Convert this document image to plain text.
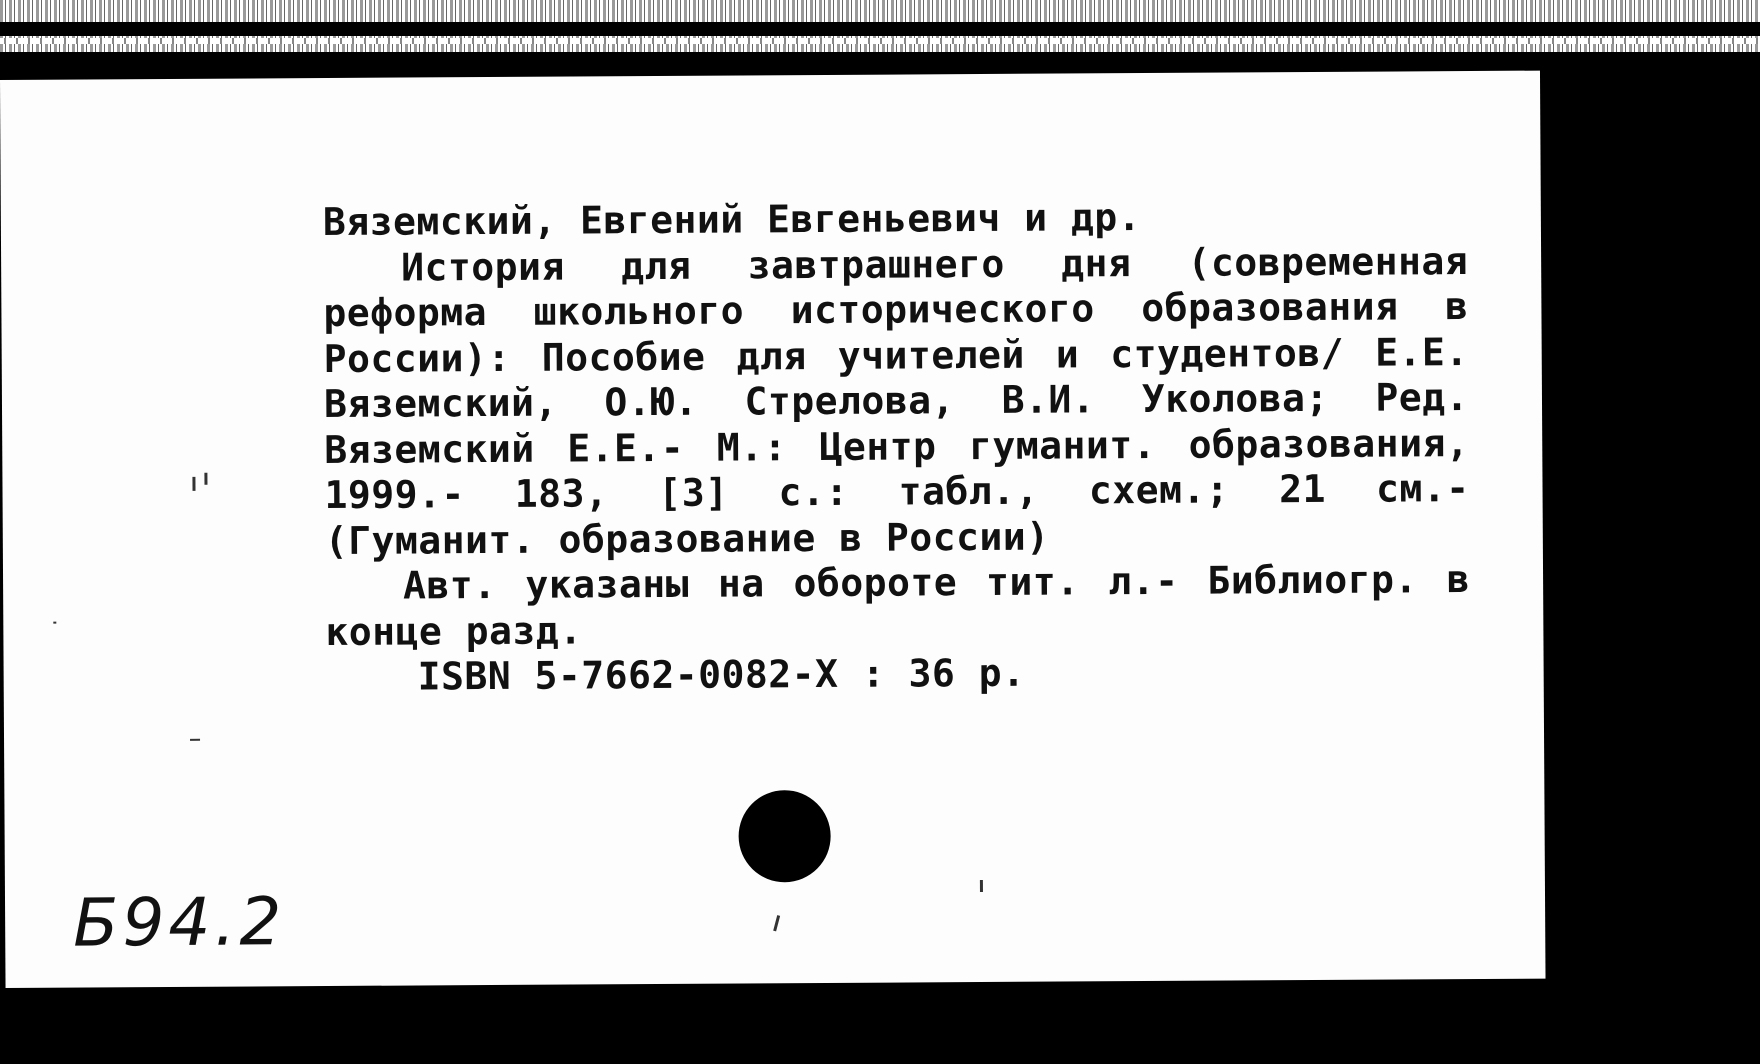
Вяземский, Евгений Евгеньевич и др.

История для завтрашнего дня (современная реформа школьного исторического образования в России): Пособие для учителей и студентов/ Е.Е. Вяземский, О.Ю. Стрелова, В.И. Уколова; Ред. Вяземский Е.Е.- М.: Центр гуманит. образования, 1999.- 183, [3] с.: табл., схем.; 21 см.- (Гуманит. образование в России)

Авт. указаны на обороте тит. л.- Библиогр. в конце разд.

ISBN 5-7662-0082-X : 36 р.

Б94.2
